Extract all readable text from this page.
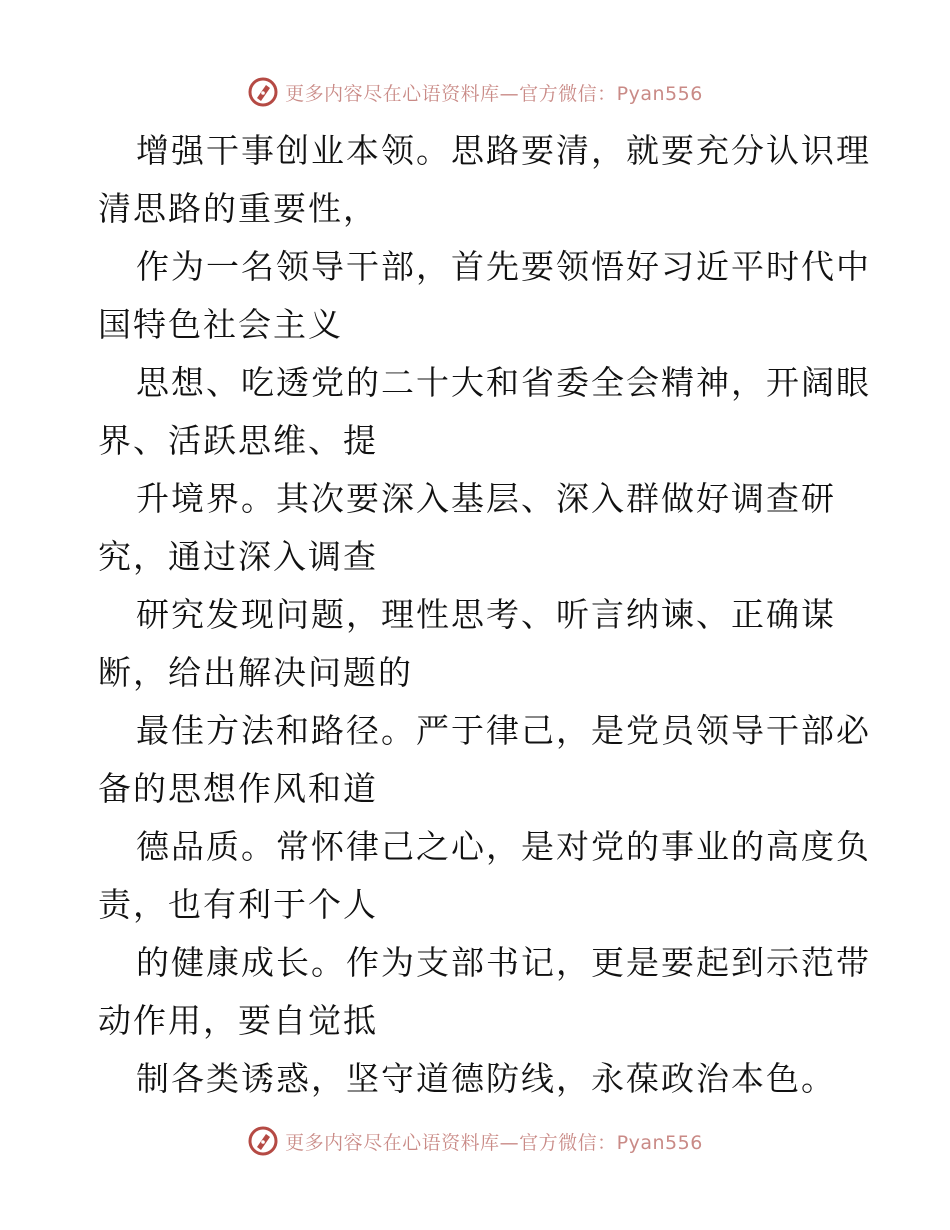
更多内容尽在心语资料库—官方微信：Pyan556
增强干事创业本领。思路要清，就要充分认识理
清思路的重要性，
作为一名领导干部，首先要领悟好习近平时代中
国特色社会主义
思想、吃透党的二十大和省委全会精神，开阔眼
界、活跃思维、提
升境界。其次要深入基层、深入群做好调查研
究，通过深入调查
研究发现问题，理性思考、听言纳谏、正确谋
断，给出解决问题的
最佳方法和路径。严于律己，是党员领导干部必
备的思想作风和道
德品质。常怀律己之心，是对党的事业的高度负
责，也有利于个人
的健康成长。作为支部书记，更是要起到示范带
动作用，要自觉抵
制各类诱惑，坚守道德防线，永葆政治本色。
更多内容尽在心语资料库—官方微信：Pyan556
